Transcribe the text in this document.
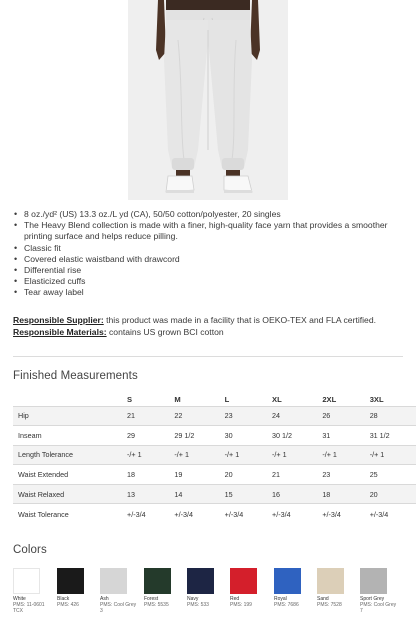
• 8 oz./yd² (US) 13.3 oz./L yd (CA), 50/50 cotton/polyester, 20 singles
• The Heavy Blend collection is made with a finer, high-quality face yarn that provides a smoother printing surface and helps reduce pilling.
• Classic fit
• Covered elastic waistband with drawcord
• Differential rise
• Elasticized cuffs
• Tear away label

Responsible Supplier: this product was made in a facility that is OEKO-TEX and FLA certified.

Responsible Materials: contains US grown BCI cotton

Finished Measurements
	S	M	L	XL	2XL	3XL
Hip	21	22	23	24	26	28
Inseam	29	29 1/2	30	30 1/2	31	31 1/2
Length Tolerance	-/+ 1	-/+ 1	-/+ 1	-/+ 1	-/+ 1	-/+ 1
Waist Extended	18	19	20	21	23	25
Waist Relaxed	13	14	15	16	18	20
Waist Tolerance	+/-3/4	+/-3/4	+/-3/4	+/-3/4	+/-3/4	+/-3/4
Colors
White
PMS: 11-0601 TCX
Black
PMS: 426
Ash
PMS: Cool Grey 3
Forest
PMS: 5535
Navy
PMS: 533
Red
PMS: 199
Royal
PMS: 7686
Sand
PMS: 7528
Sport Grey
PMS: Cool Grey 7
